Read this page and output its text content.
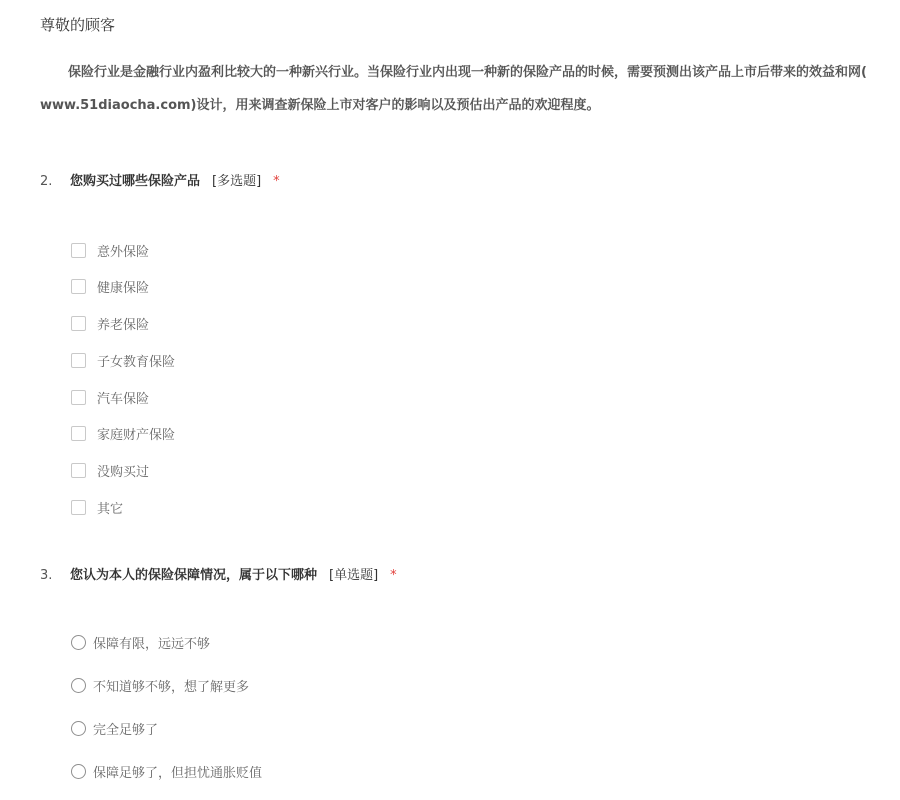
尊敬的顾客

保险行业是金融行业内盈利比较大的一种新兴行业。当保险行业内出现一种新的保险产品的时候，需要预测出该产品上市后带来的效益和网(　　www.51diaocha.com)设计，用来调查新保险上市对客户的影响以及预估出产品的欢迎程度。

2. 您购买过哪些保险产品 [多选题] *
意外保险
健康保险
养老保险
子女教育保险
汽车保险
家庭财产保险
没购买过
其它
3. 您认为本人的保险保障情况，属于以下哪种 [单选题] *
保障有限，远远不够
不知道够不够，想了解更多
完全足够了
保障足够了，但担忧通胀贬值
